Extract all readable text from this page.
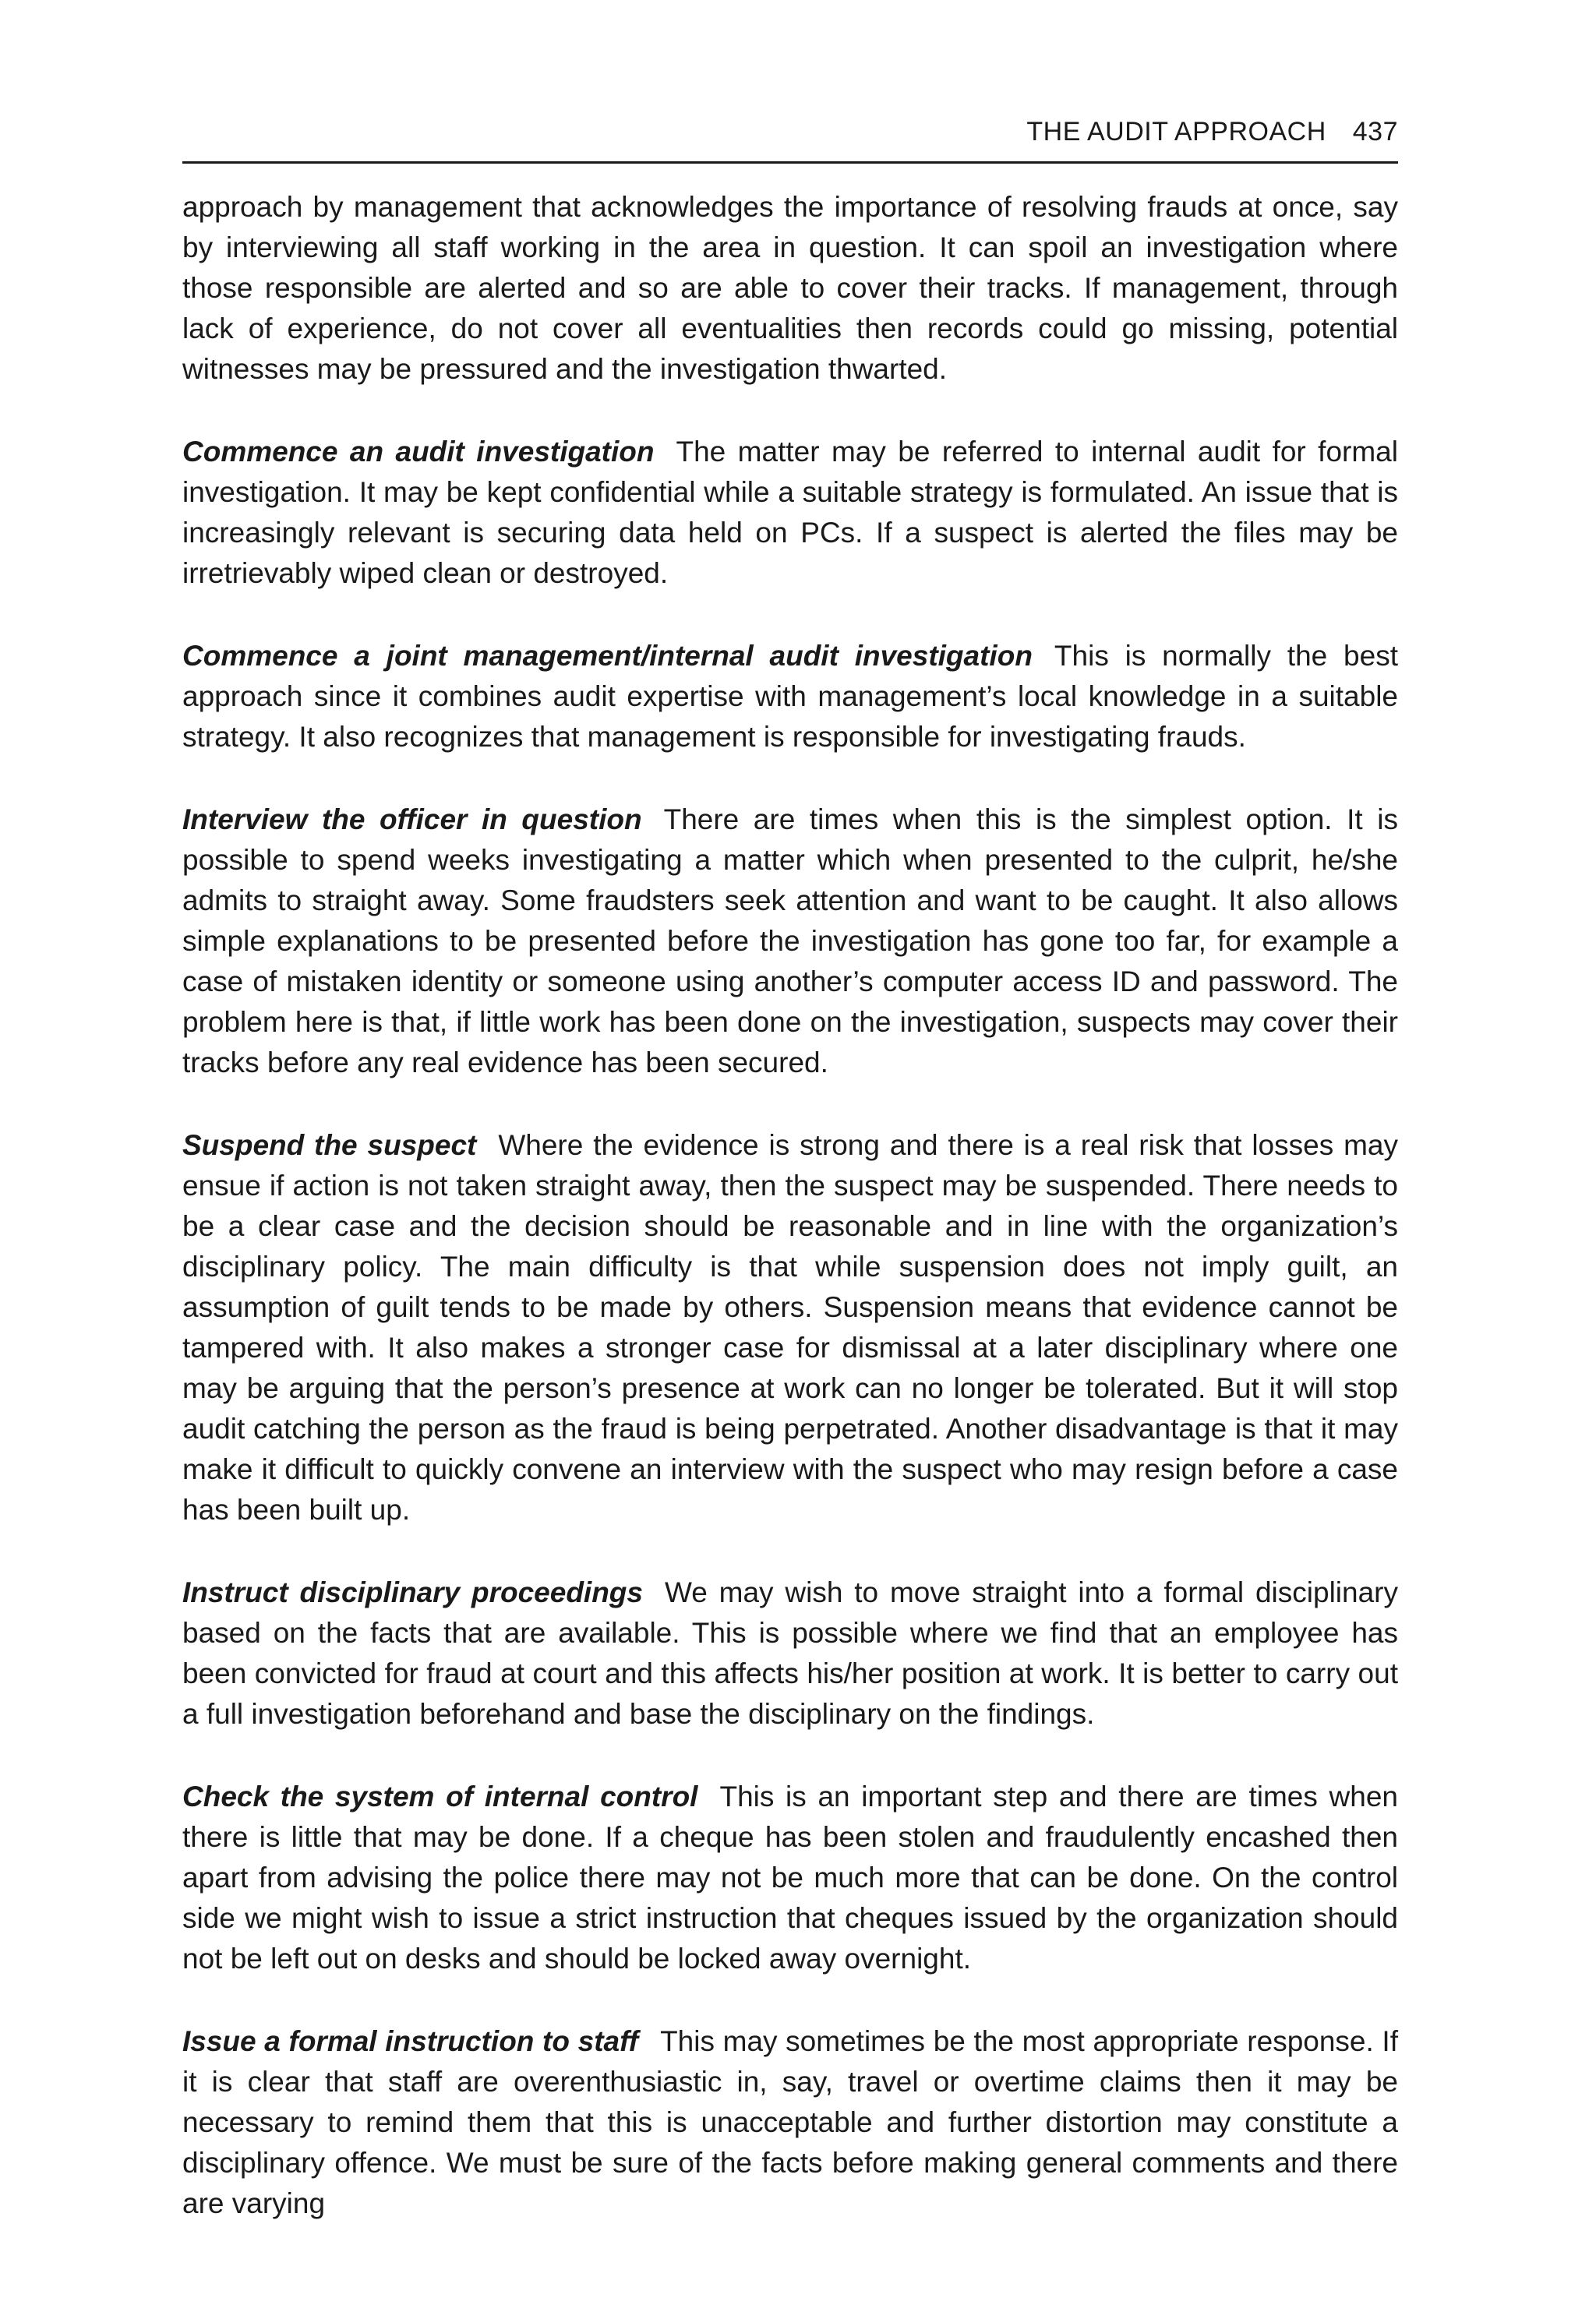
THE AUDIT APPROACH 437

approach by management that acknowledges the importance of resolving frauds at once, say by interviewing all staff working in the area in question. It can spoil an investigation where those responsible are alerted and so are able to cover their tracks. If management, through lack of experience, do not cover all eventualities then records could go missing, potential witnesses may be pressured and the investigation thwarted.

Commence an audit investigation The matter may be referred to internal audit for formal investigation. It may be kept confidential while a suitable strategy is formulated. An issue that is increasingly relevant is securing data held on PCs. If a suspect is alerted the files may be irretrievably wiped clean or destroyed.

Commence a joint management/internal audit investigation This is normally the best approach since it combines audit expertise with management’s local knowledge in a suitable strategy. It also recognizes that management is responsible for investigating frauds.

Interview the officer in question There are times when this is the simplest option. It is possible to spend weeks investigating a matter which when presented to the culprit, he/she admits to straight away. Some fraudsters seek attention and want to be caught. It also allows simple explanations to be presented before the investigation has gone too far, for example a case of mistaken identity or someone using another’s computer access ID and password. The problem here is that, if little work has been done on the investigation, suspects may cover their tracks before any real evidence has been secured.

Suspend the suspect Where the evidence is strong and there is a real risk that losses may ensue if action is not taken straight away, then the suspect may be suspended. There needs to be a clear case and the decision should be reasonable and in line with the organization’s disciplinary policy. The main difficulty is that while suspension does not imply guilt, an assumption of guilt tends to be made by others. Suspension means that evidence cannot be tampered with. It also makes a stronger case for dismissal at a later disciplinary where one may be arguing that the person’s presence at work can no longer be tolerated. But it will stop audit catching the person as the fraud is being perpetrated. Another disadvantage is that it may make it difficult to quickly convene an interview with the suspect who may resign before a case has been built up.

Instruct disciplinary proceedings We may wish to move straight into a formal disciplinary based on the facts that are available. This is possible where we find that an employee has been convicted for fraud at court and this affects his/her position at work. It is better to carry out a full investigation beforehand and base the disciplinary on the findings.

Check the system of internal control This is an important step and there are times when there is little that may be done. If a cheque has been stolen and fraudulently encashed then apart from advising the police there may not be much more that can be done. On the control side we might wish to issue a strict instruction that cheques issued by the organization should not be left out on desks and should be locked away overnight.

Issue a formal instruction to staff This may sometimes be the most appropriate response. If it is clear that staff are overenthusiastic in, say, travel or overtime claims then it may be necessary to remind them that this is unacceptable and further distortion may constitute a disciplinary offence. We must be sure of the facts before making general comments and there are varying
